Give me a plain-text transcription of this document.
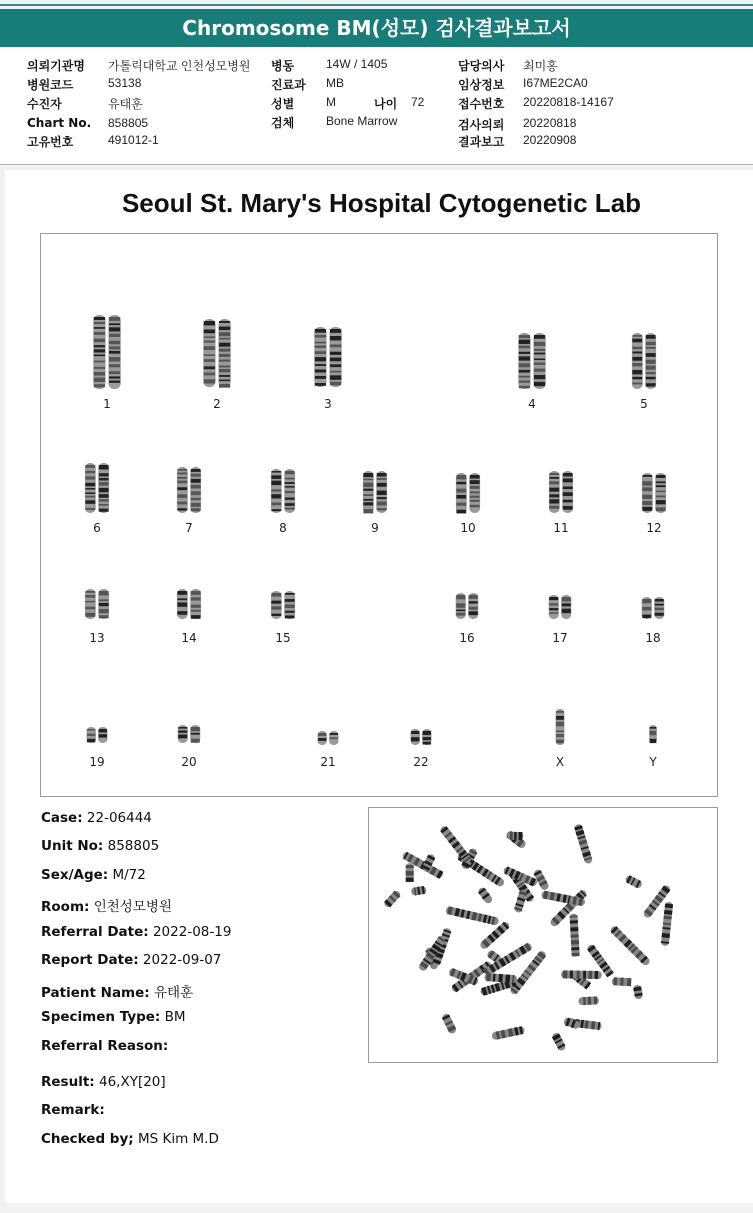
Chromosome BM(성모) 검사결과보고서
의뢰기관명 가톨릭대학교 인천성모병원
병원코드	53138
수진자	유태훈
Chart No. 858805
고유번호	491012-1
병동	14W / 1405
진료과 MB
성별	M	나이 72
검체	Bone Marrow
담당의사 최미홍
임상정보 I67ME2CA0
접수번호 20220818-14167
검사의뢰 20220818
결과보고 20220908
Seoul St. Mary's Hospital Cytogenetic Lab
1	2	3	4	5
6	7	8	9	10	11	12
13	14	15	16	17	18
19	20	21	22	X	Y
Case: 22-06444
Unit No: 858805
Sex/Age: M/72
Room: 인천성모병원
Referral Date: 2022-08-19
Report Date: 2022-09-07
Patient Name: 유태훈
Specimen Type: BM
Referral Reason:
Result: 46,XY[20]
Remark:
Checked by; MS Kim M.D
